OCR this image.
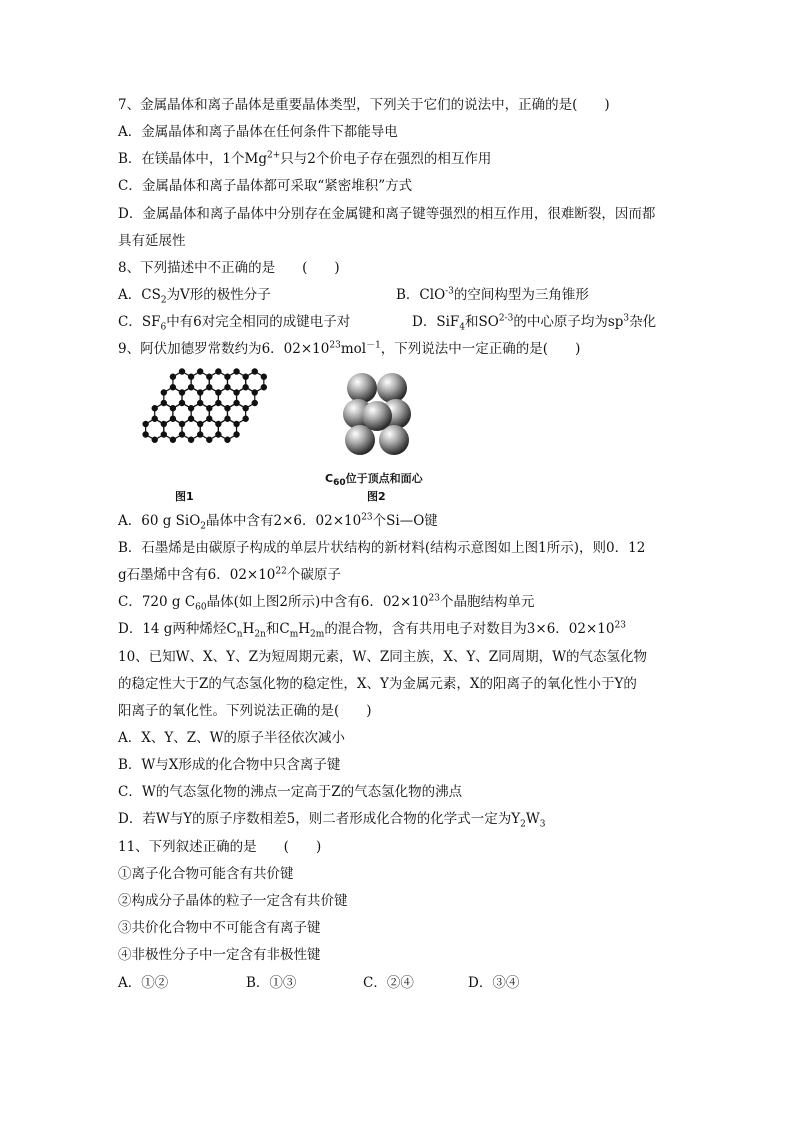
7、金属晶体和离子晶体是重要晶体类型，下列关于它们的说法中，正确的是(　　)
A．金属晶体和离子晶体在任何条件下都能导电
B．在镁晶体中，1个$Mg^{2+}$只与2个价电子存在强烈的相互作用
C．金属晶体和离子晶体都可采取“紧密堆积”方式
D．金属晶体和离子晶体中分别存在金属键和离子键等强烈的相互作用，很难断裂，因而都
具有延展性
8、下列描述中不正确的是　　(　　)
A．$CS_2$为V形的极性分子	B．ClO$^{-3}$的空间构型为三角锥形
C．$SF_6$中有6对完全相同的成键电子对	D．SiF$_4$和SO$^{2-3}$的中心原子均为$sp^3$杂化
9、阿伏加德罗常数约为6．$02\times 10^{23}mol^{-1}$，下列说法中一定正确的是(　　)
图1
$C_{60}$位于顶点和面心
图2
A．60 g SiO$_2$晶体中含有2×6．$02\times 10^{23}$个Si—O键
B．石墨烯是由碳原子构成的单层片状结构的新材料(结构示意图如上图1所示)，则0．12
g石墨烯中含有6．$02\times 10^{22}$个碳原子
C．720 g $C_{60}$晶体(如上图2所示)中含有6．$02\times 10^{23}$个晶胞结构单元
D．14 g两种烯烃$C_nH_{2n}$和$C_mH_{2m}$的混合物，含有共用电子对数目为3×6．$02\times 10^{23}$
10、已知W、X、Y、Z为短周期元素，W、Z同主族，X、Y、Z同周期，W的气态氢化物
的稳定性大于Z的气态氢化物的稳定性，X、Y为金属元素，X的阳离子的氧化性小于Y的
阳离子的氧化性。下列说法正确的是(　　)
A．X、Y、Z、W的原子半径依次减小
B．W与X形成的化合物中只含离子键
C．W的气态氢化物的沸点一定高于Z的气态氢化物的沸点
D．若W与Y的原子序数相差5，则二者形成化合物的化学式一定为$Y_2W_3$
11、下列叙述正确的是　　(　　)
①离子化合物可能含有共价键
②构成分子晶体的粒子一定含有共价键
③共价化合物中不可能含有离子键
④非极性分子中一定含有非极性键
A．①②	B．①③	C．②④	D．③④
